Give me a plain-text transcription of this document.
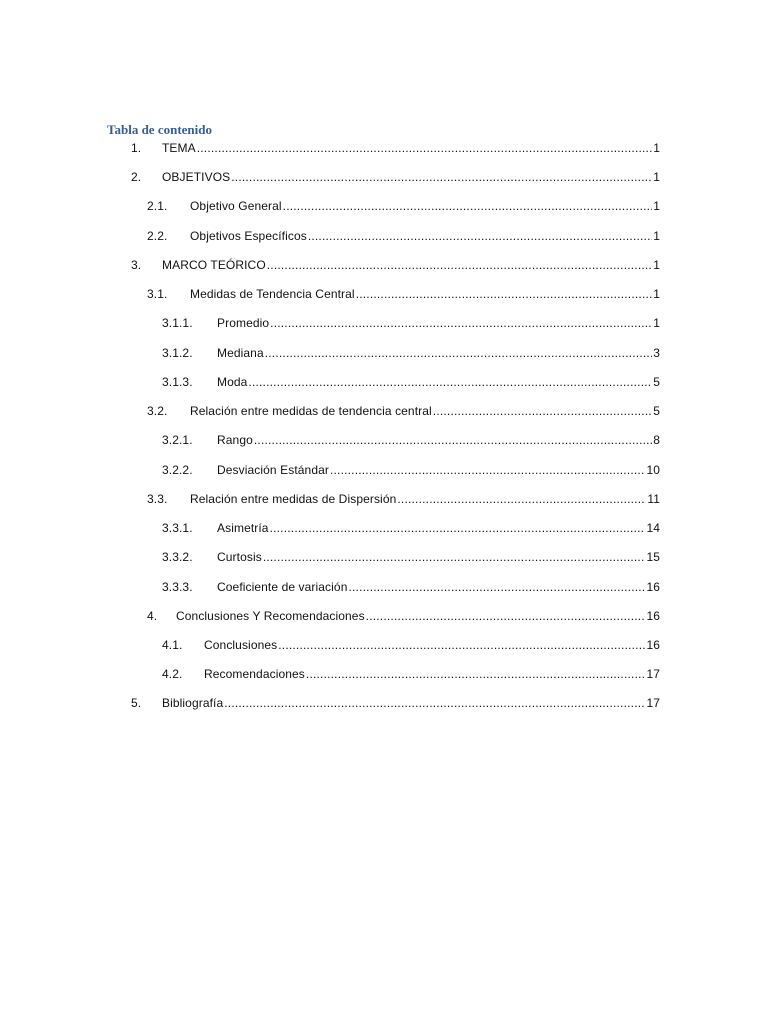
Tabla de contenido
1.	TEMA .....	1
2.	OBJETIVOS .....	1
2.1.	Objetivo General .....	1
2.2.	Objetivos Específicos .....	1
3.	MARCO TEÓRICO .....	1
3.1.	Medidas de Tendencia Central .....	1
3.1.1.	Promedio .....	1
3.1.2.	Mediana .....	3
3.1.3.	Moda .....	5
3.2.	Relación entre medidas de tendencia central .....	5
3.2.1.	Rango .....	8
3.2.2.	Desviación Estándar .....	10
3.3.	Relación entre medidas de Dispersión .....	11
3.3.1.	Asimetría .....	14
3.3.2.	Curtosis .....	15
3.3.3.	Coeficiente de variación .....	16
4.	Conclusiones Y Recomendaciones .....	16
4.1.	Conclusiones .....	16
4.2.	Recomendaciones .....	17
5.	Bibliografía .....	17
